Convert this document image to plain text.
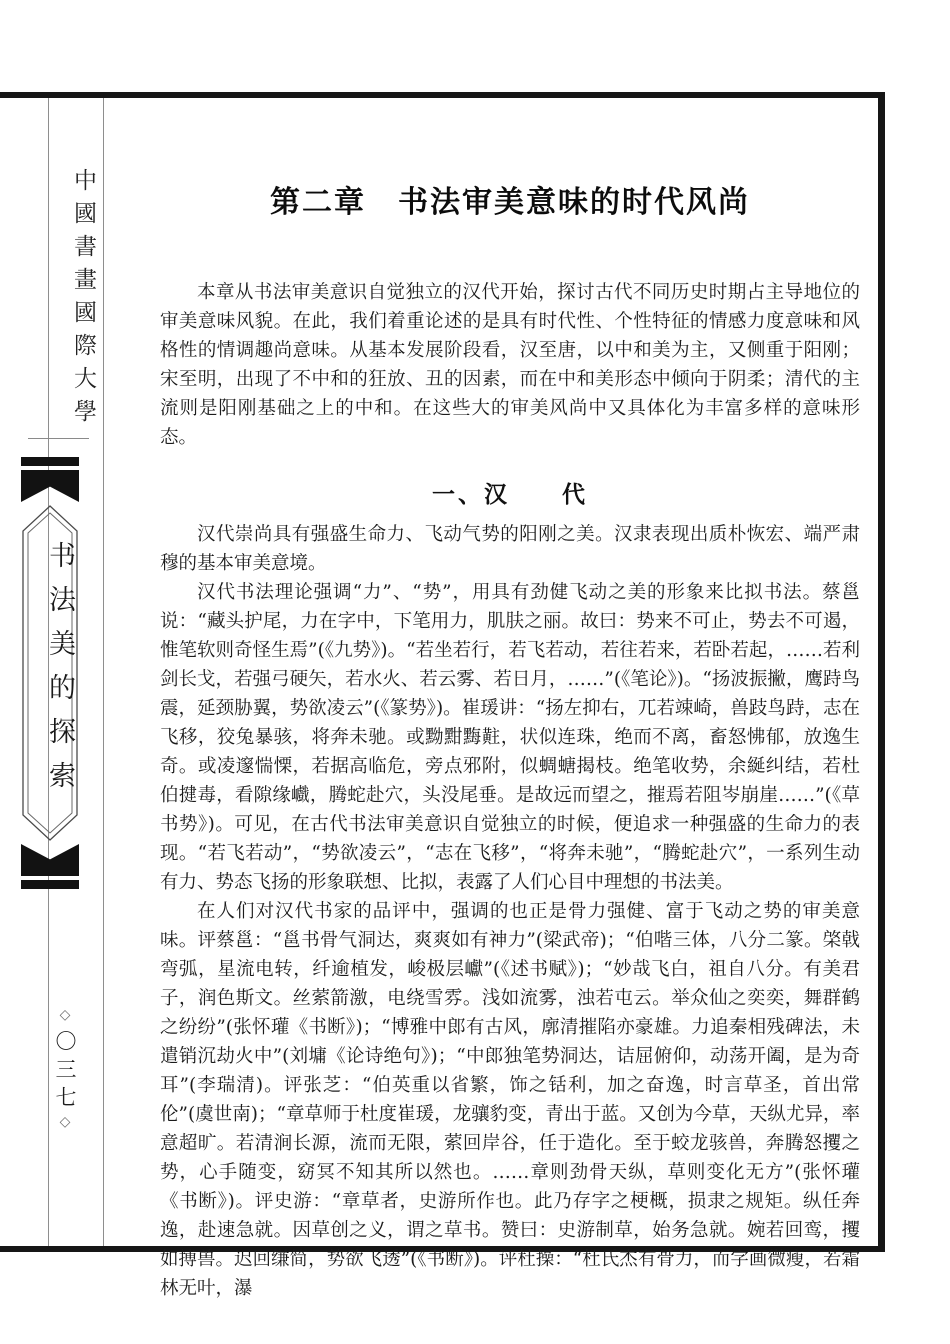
中國書畫國際大學
书法美的探索
◇〇三七◇
第二章　书法审美意味的时代风尚

本章从书法审美意识自觉独立的汉代开始，探讨古代不同历史时期占主导地位的审美意味风貌。在此，我们着重论述的是具有时代性、个性特征的情感力度意味和风格性的情调趣尚意味。从基本发展阶段看，汉至唐，以中和美为主，又侧重于阳刚；宋至明，出现了不中和的狂放、丑的因素，而在中和美形态中倾向于阴柔；清代的主流则是阳刚基础之上的中和。在这些大的审美风尚中又具体化为丰富多样的意味形态。

一、汉　　代

汉代崇尚具有强盛生命力、飞动气势的阳刚之美。汉隶表现出质朴恢宏、端严肃穆的基本审美意境。

汉代书法理论强调“力”、“势”，用具有劲健飞动之美的形象来比拟书法。蔡邕说：“藏头护尾，力在字中，下笔用力，肌肤之丽。故曰：势来不可止，势去不可遏，惟笔软则奇怪生焉”(《九势》)。“若坐若行，若飞若动，若往若来，若卧若起，……若利剑长戈，若强弓硬矢，若水火、若云雾、若日月，……”(《笔论》)。“扬波振撇，鹰跱鸟震，延颈胁翼，势欲凌云”(《篆势》)。崔瑗讲：“扬左抑右，兀若竦崎，兽跂鸟跱，志在飞移，狡兔暴骇，将奔未驰。或黝黚黣黈，状似连珠，绝而不离，畜怒怫郁，放逸生奇。或凌邃惴慄，若据高临危，旁点邪附，似蜩螗揭枝。绝笔收势，余綖纠结，若杜伯揵毒，看隙缘巇，腾蛇赴穴，头没尾垂。是故远而望之，摧焉若阻岑崩崖……”(《草书势》)。可见，在古代书法审美意识自觉独立的时候，便追求一种强盛的生命力的表现。“若飞若动”，“势欲凌云”，“志在飞移”，“将奔未驰”，“腾蛇赴穴”，一系列生动有力、势态飞扬的形象联想、比拟，表露了人们心目中理想的书法美。

在人们对汉代书家的品评中，强调的也正是骨力强健、富于飞动之势的审美意味。评蔡邕：“邕书骨气洞达，爽爽如有神力”(梁武帝)；“伯喈三体，八分二篆。棨戟弯弧，星流电转，纤逾植发，峻极层巘”(《述书赋》)；“妙哉飞白，祖自八分。有美君子，润色斯文。丝萦箭激，电绕雪雰。浅如流雾，浊若屯云。举众仙之奕奕，舞群鹤之纷纷”(张怀瓘《书断》)；“博雅中郎有古风，廓清摧陷亦豪雄。力追秦相残碑法，未遣销沉劫火中”(刘墉《论诗绝句》)；“中郎独笔势洞达，诘屈俯仰，动荡开阖，是为奇耳”(李瑞清)。评张芝：“伯英重以省繁，饰之铦利，加之奋逸，时言草圣，首出常伦”(虞世南)；“章草师于杜度崔瑗，龙骧豹变，青出于蓝。又创为今草，天纵尤异，率意超旷。若清涧长源，流而无限，萦回岸谷，任于造化。至于蛟龙骇兽，奔腾怒攫之势，心手随变，窈冥不知其所以然也。……章则劲骨天纵，草则变化无方”(张怀瓘《书断》)。评史游：“章草者，史游所作也。此乃存字之梗概，损隶之规矩。纵任奔逸，赴速急就。因草创之义，谓之草书。赞曰：史游制草，始务急就。婉若回鸾，攫如搏兽。迟回缣简，势欲飞透”(《书断》)。评杜操：“杜氏杰有骨力，而字画微瘦，若霜林无叶，瀑
